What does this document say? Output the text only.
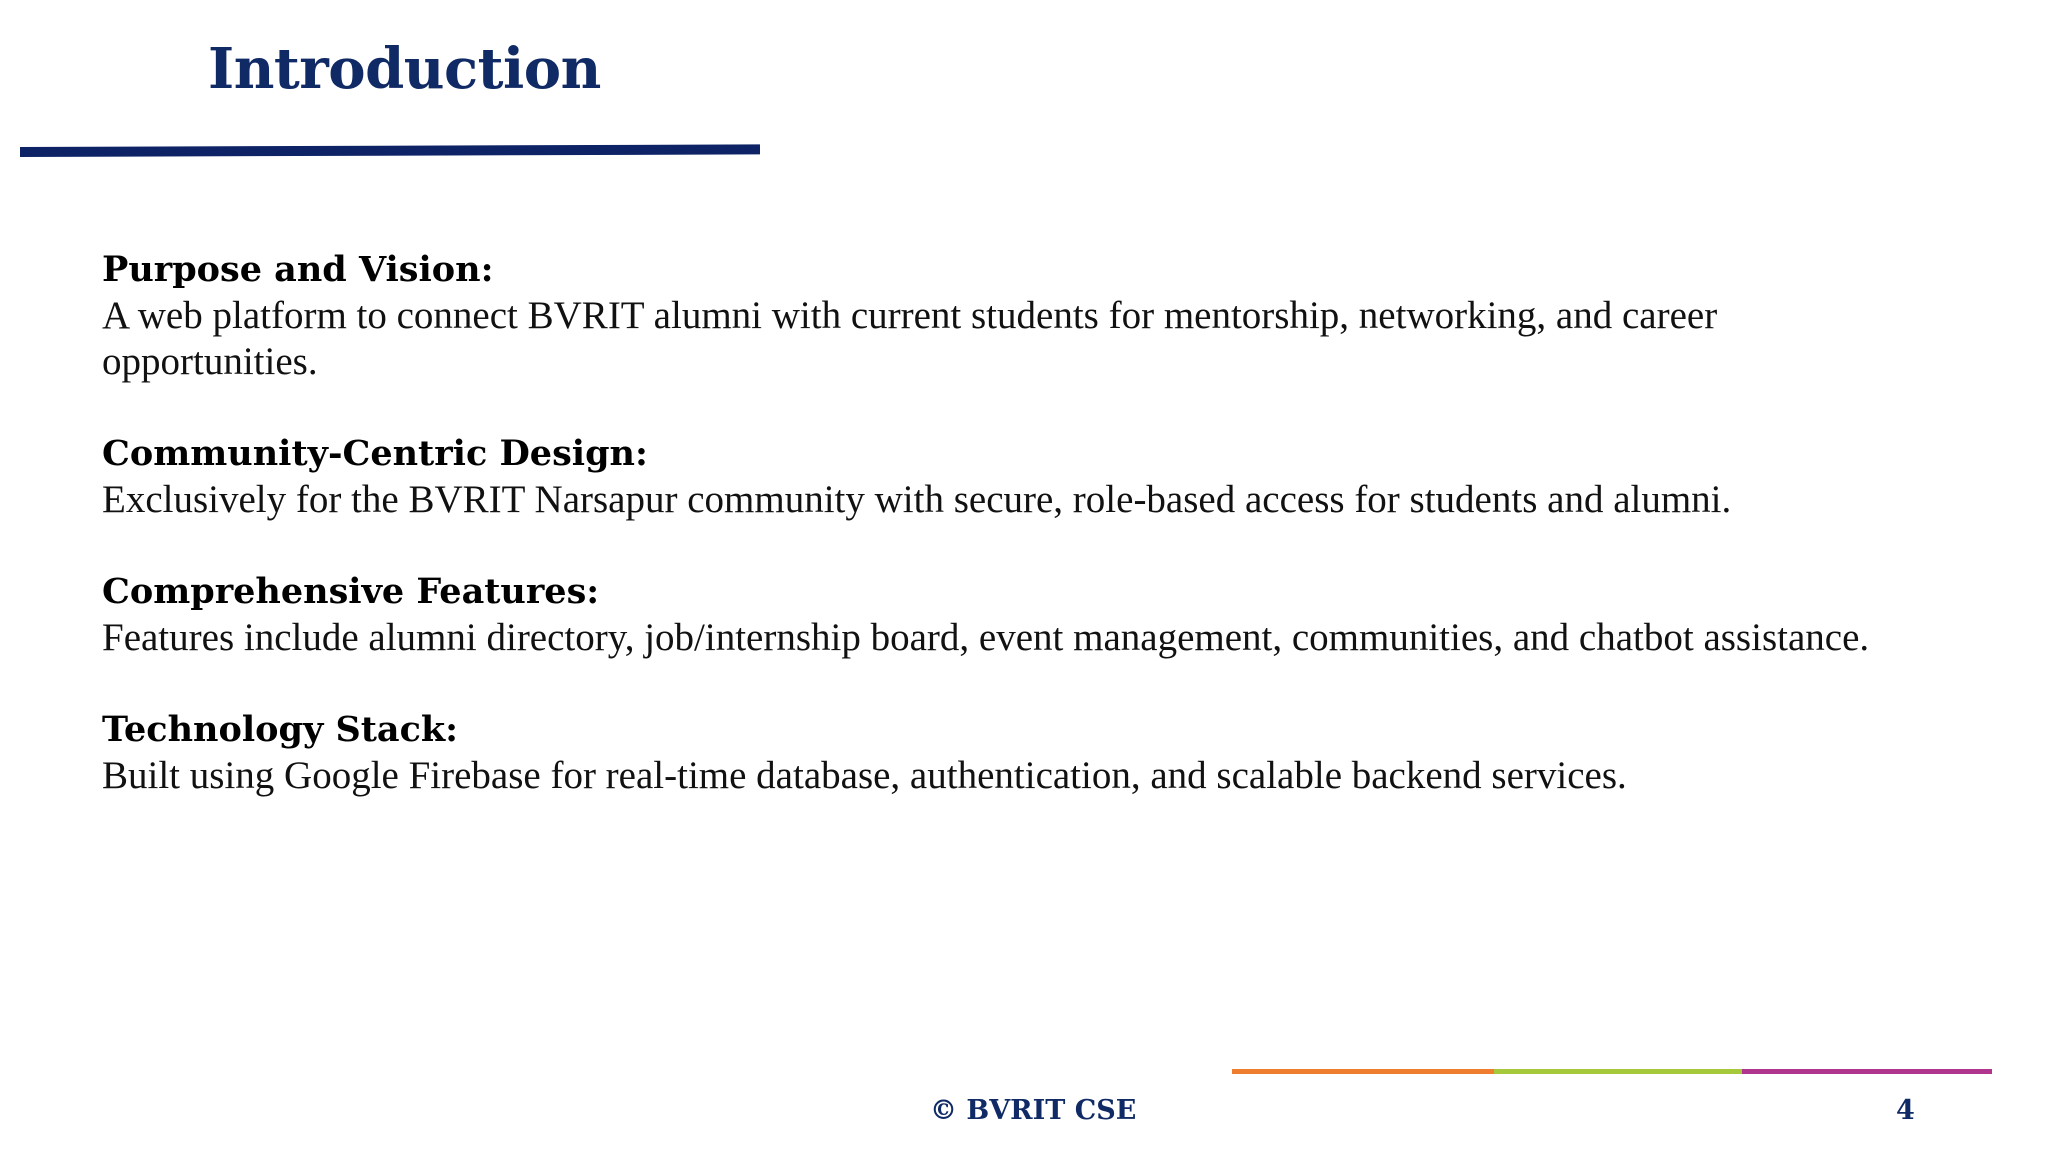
Introduction
Purpose and Vision:
A web platform to connect BVRIT alumni with current students for mentorship, networking, and career opportunities.
Community-Centric Design:
Exclusively for the BVRIT Narsapur community with secure, role-based access for students and alumni.
Comprehensive Features:
Features include alumni directory, job/internship board, event management, communities, and chatbot assistance.
Technology Stack:
Built using Google Firebase for real-time database, authentication, and scalable backend services.
© BVRIT CSE	4
